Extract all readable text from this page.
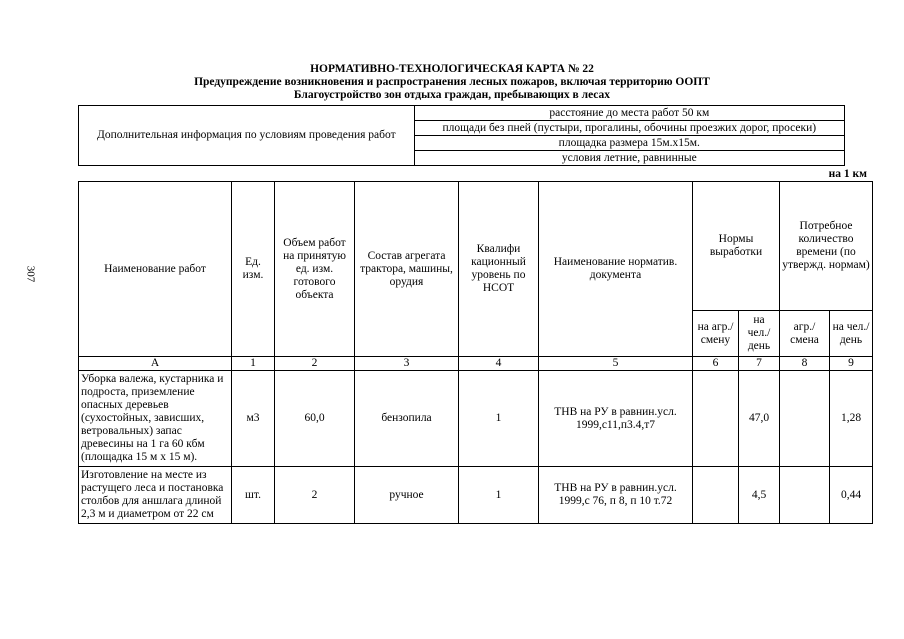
307
НОРМАТИВНО-ТЕХНОЛОГИЧЕСКАЯ КАРТА № 22
Предупреждение возникновения и распространения лесных пожаров, включая территорию ООПТ
Благоустройство зон отдыха граждан, пребывающих в лесах
Дополнительная информация по условиям проведения работ	расстояние до места работ 50 км
площади без пней (пустыри, прогалины, обочины проезжих дорог, просеки)
площадка размера 15м.х15м.
условия летние, равнинные
на 1 км
Наименование работ	Ед. изм.	Объем работ на принятую ед. изм. готового объекта	Состав агрегата трактора, машины, орудия	Квалифи кационный уровень по НСОТ	Наименование норматив. документа	Нормы выработки		Потребное количество времени (по утвержд. нормам)	
						на агр./ смену	на чел./ день	агр./ смена	на чел./ день
А	1	2	3	4	5	6	7	8	9
Уборка валежа, кустарника и подроста, приземление опасных деревьев (сухостойных, зависших, ветровальных) запас древесины на 1 га 60 кбм (площадка 15 м х 15 м).	м3	60,0	бензопила	1	ТНВ на РУ в равнин.усл. 1999,с11,п3.4,т7		47,0		1,28
Изготовление на месте из растущего леса и постановка столбов для аншлага длиной 2,3 м и диаметром от 22 см	шт.	2	ручное	1	ТНВ на РУ в равнин.усл. 1999,с 76, п 8, п 10 т.72		4,5		0,44
